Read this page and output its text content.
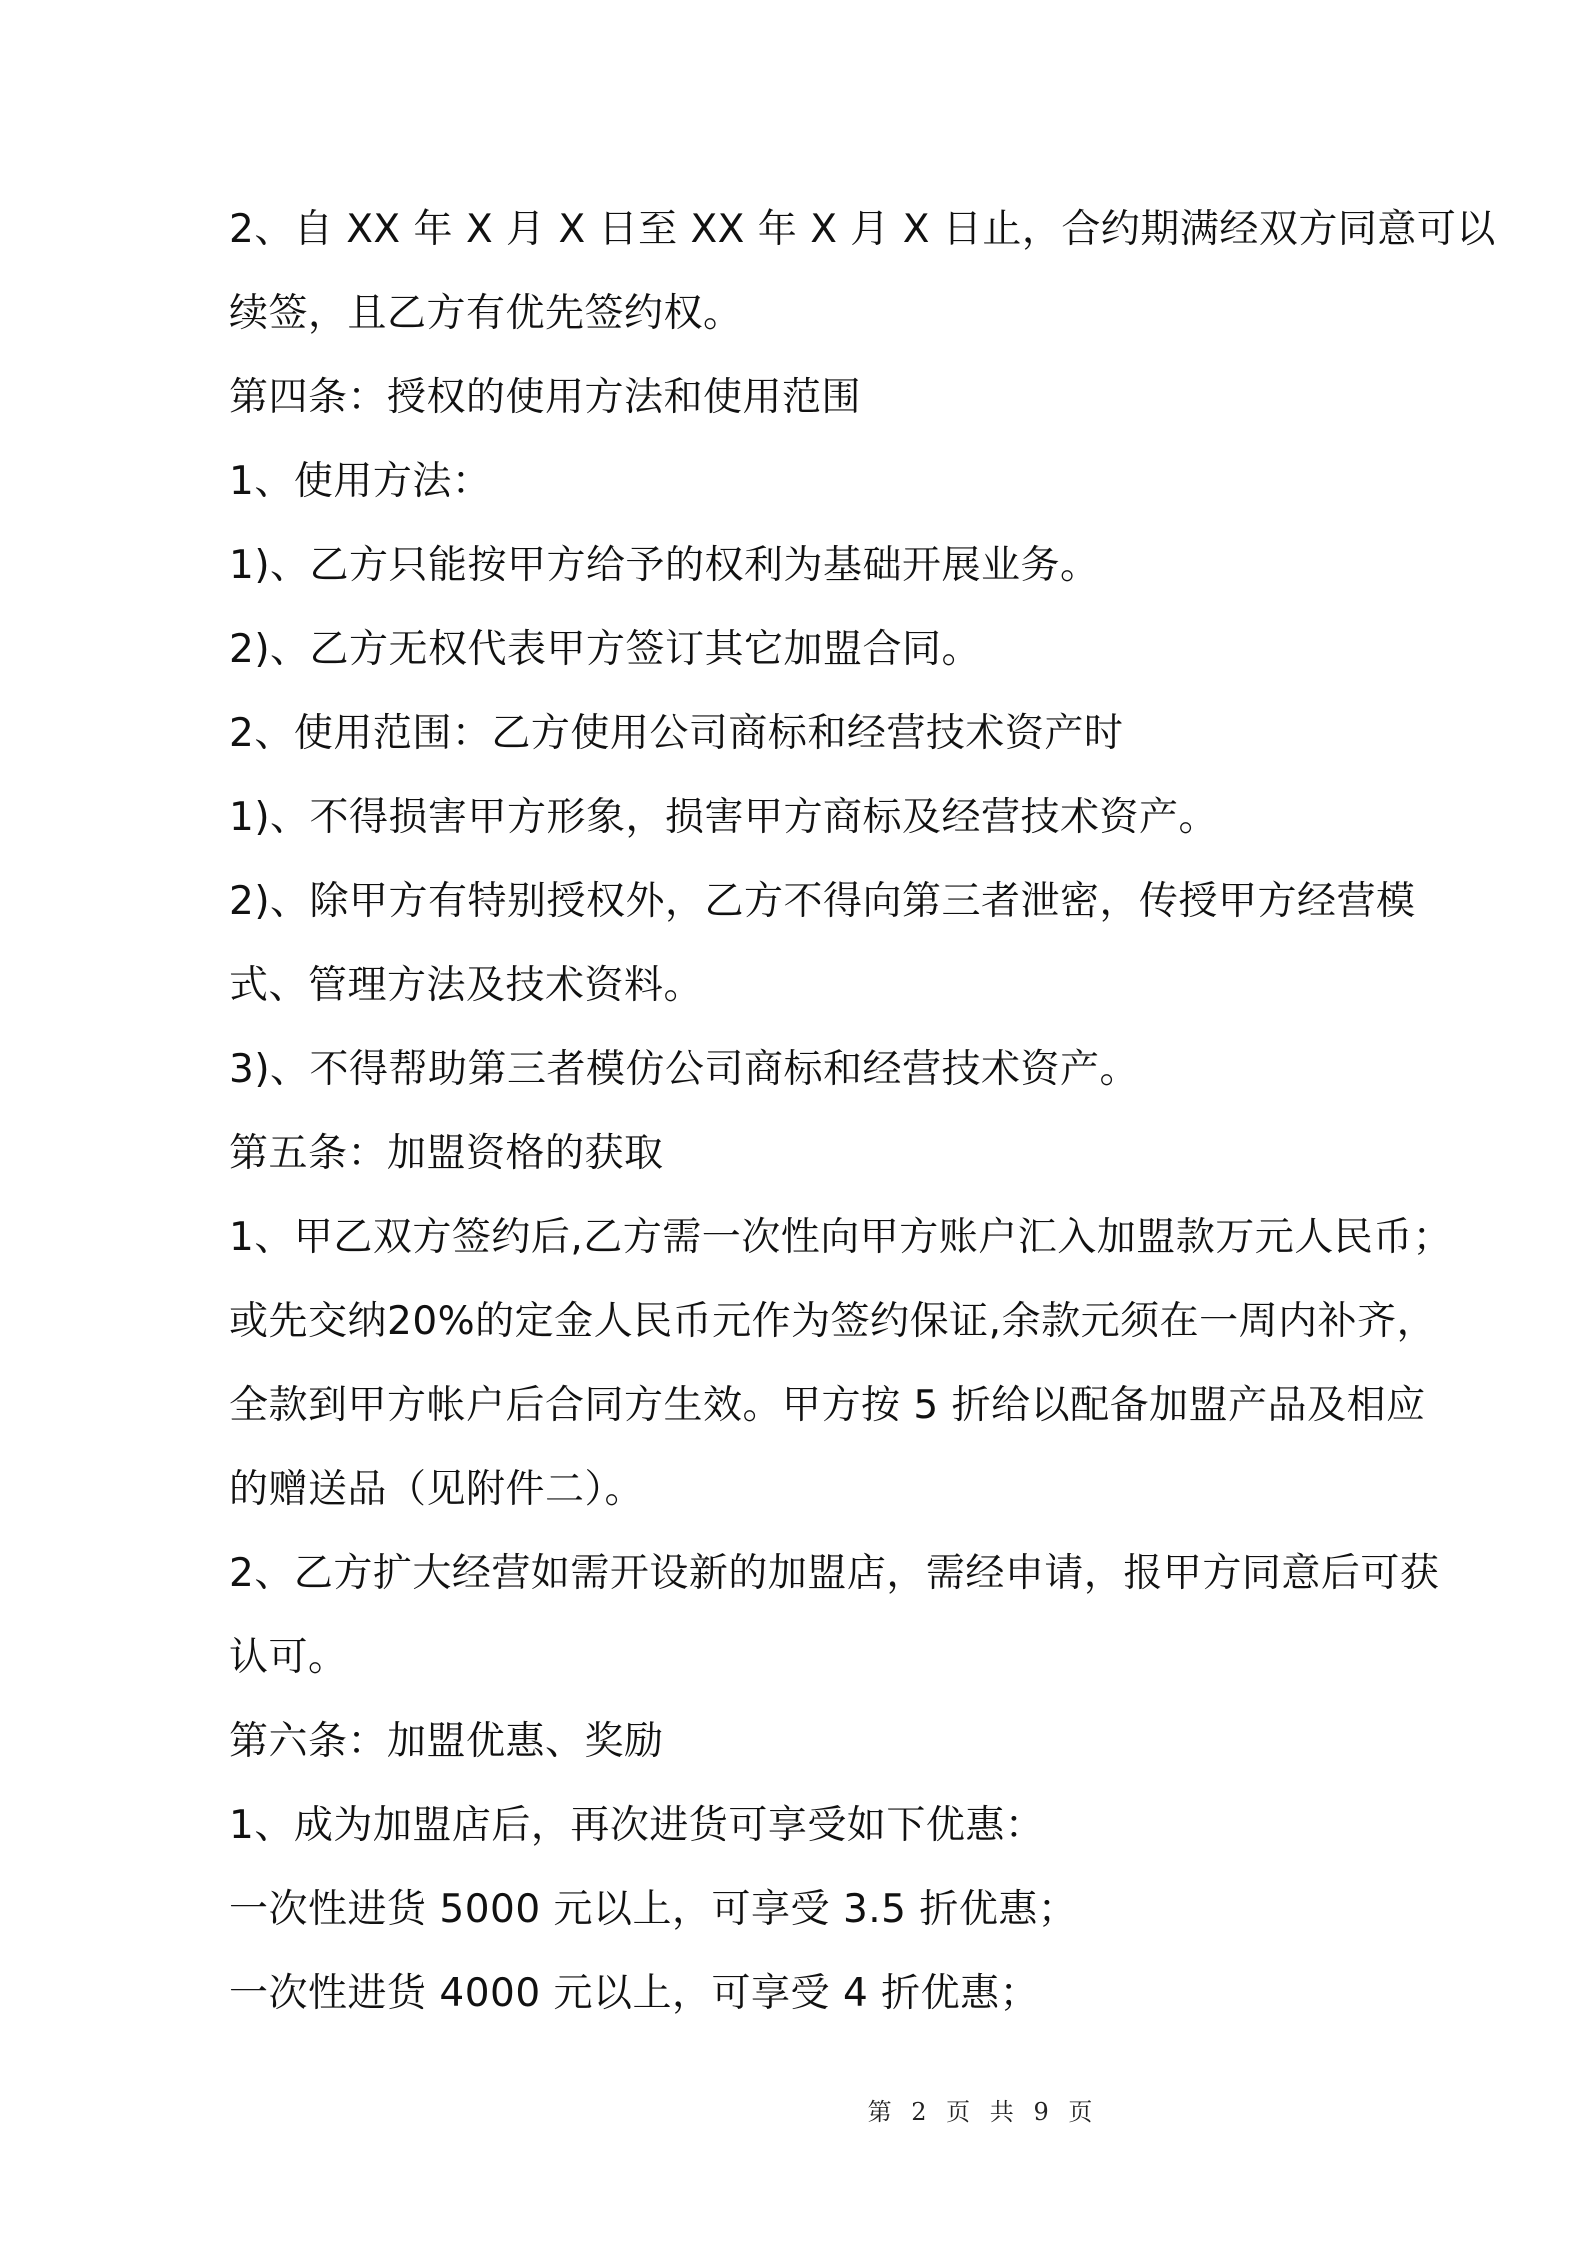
2、自 XX 年 X 月 X 日至 XX 年 X 月 X 日止，合约期满经双方同意可以
续签，且乙方有优先签约权。
第四条：授权的使用方法和使用范围
1、使用方法：
1)、乙方只能按甲方给予的权利为基础开展业务。
2)、乙方无权代表甲方签订其它加盟合同。
2、使用范围：乙方使用公司商标和经营技术资产时
1)、不得损害甲方形象，损害甲方商标及经营技术资产。
2)、除甲方有特别授权外，乙方不得向第三者泄密，传授甲方经营模
式、管理方法及技术资料。
3)、不得帮助第三者模仿公司商标和经营技术资产。
第五条：加盟资格的获取
1、甲乙双方签约后,乙方需一次性向甲方账户汇入加盟款万元人民币；
或先交纳20%的定金人民币元作为签约保证,余款元须在一周内补齐，
全款到甲方帐户后合同方生效。甲方按 5 折给以配备加盟产品及相应
的赠送品（见附件二）。
2、乙方扩大经营如需开设新的加盟店，需经申请，报甲方同意后可获
认可。
第六条：加盟优惠、奖励
1、成为加盟店后，再次进货可享受如下优惠：
一次性进货 5000 元以上，可享受 3.5 折优惠；
一次性进货 4000 元以上，可享受 4 折优惠；
第 2 页 共 9 页
